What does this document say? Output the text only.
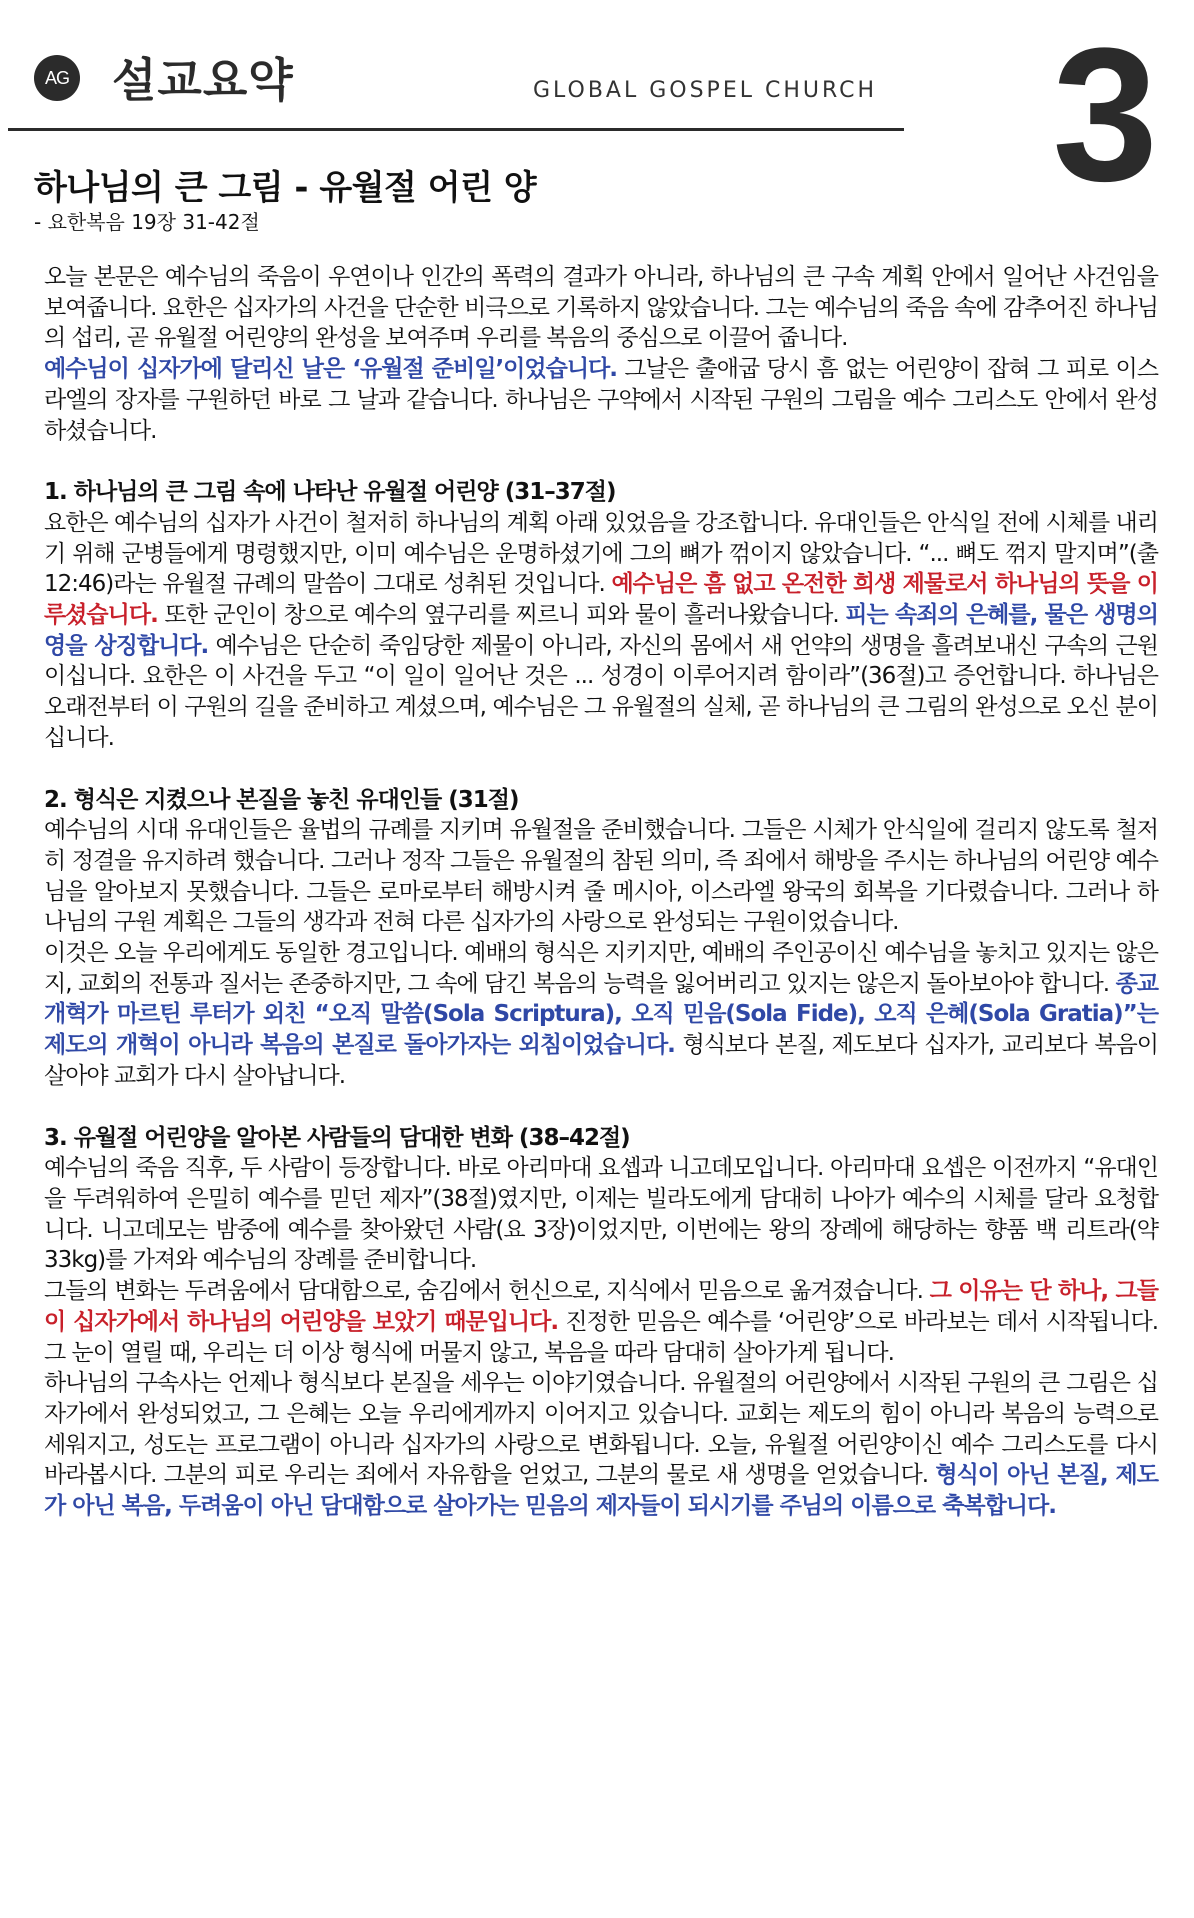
AG 설교요약	GLOBAL GOSPEL CHURCH 3
하나님의 큰 그림 - 유월절 어린 양
- 요한복음 19장 31-42절

오늘 본문은 예수님의 죽음이 우연이나 인간의 폭력의 결과가 아니라, 하나님의 큰 구속 계획 안에서 일어난 사건임을 보여줍니다. 요한은 십자가의 사건을 단순한 비극으로 기록하지 않았습니다. 그는 예수님의 죽음 속에 감추어진 하나님의 섭리, 곧 유월절 어린양의 완성을 보여주며 우리를 복음의 중심으로 이끌어 줍니다.

예수님이 십자가에 달리신 날은 ‘유월절 준비일’이었습니다. 그날은 출애굽 당시 흠 없는 어린양이 잡혀 그 피로 이스라엘의 장자를 구원하던 바로 그 날과 같습니다. 하나님은 구약에서 시작된 구원의 그림을 예수 그리스도 안에서 완성하셨습니다.

1. 하나님의 큰 그림 속에 나타난 유월절 어린양 (31–37절)

요한은 예수님의 십자가 사건이 철저히 하나님의 계획 아래 있었음을 강조합니다. 유대인들은 안식일 전에 시체를 내리기 위해 군병들에게 명령했지만, 이미 예수님은 운명하셨기에 그의 뼈가 꺾이지 않았습니다. “... 뼈도 꺾지 말지며”(출 12:46)라는 유월절 규례의 말씀이 그대로 성취된 것입니다. 예수님은 흠 없고 온전한 희생 제물로서 하나님의 뜻을 이루셨습니다. 또한 군인이 창으로 예수의 옆구리를 찌르니 피와 물이 흘러나왔습니다. 피는 속죄의 은혜를, 물은 생명의 영을 상징합니다. 예수님은 단순히 죽임당한 제물이 아니라, 자신의 몸에서 새 언약의 생명을 흘려보내신 구속의 근원이십니다. 요한은 이 사건을 두고 “이 일이 일어난 것은 ... 성경이 이루어지려 함이라”(36절)고 증언합니다. 하나님은 오래전부터 이 구원의 길을 준비하고 계셨으며, 예수님은 그 유월절의 실체, 곧 하나님의 큰 그림의 완성으로 오신 분이십니다.

2. 형식은 지켰으나 본질을 놓친 유대인들 (31절)

예수님의 시대 유대인들은 율법의 규례를 지키며 유월절을 준비했습니다. 그들은 시체가 안식일에 걸리지 않도록 철저히 정결을 유지하려 했습니다. 그러나 정작 그들은 유월절의 참된 의미, 즉 죄에서 해방을 주시는 하나님의 어린양 예수님을 알아보지 못했습니다. 그들은 로마로부터 해방시켜 줄 메시아, 이스라엘 왕국의 회복을 기다렸습니다. 그러나 하나님의 구원 계획은 그들의 생각과 전혀 다른 십자가의 사랑으로 완성되는 구원이었습니다.

이것은 오늘 우리에게도 동일한 경고입니다. 예배의 형식은 지키지만, 예배의 주인공이신 예수님을 놓치고 있지는 않은지, 교회의 전통과 질서는 존중하지만, 그 속에 담긴 복음의 능력을 잃어버리고 있지는 않은지 돌아보아야 합니다. 종교개혁가 마르틴 루터가 외친 “오직 말씀(Sola Scriptura), 오직 믿음(Sola Fide), 오직 은혜(Sola Gratia)”는 제도의 개혁이 아니라 복음의 본질로 돌아가자는 외침이었습니다. 형식보다 본질, 제도보다 십자가, 교리보다 복음이 살아야 교회가 다시 살아납니다.

3. 유월절 어린양을 알아본 사람들의 담대한 변화 (38–42절)

예수님의 죽음 직후, 두 사람이 등장합니다. 바로 아리마대 요셉과 니고데모입니다. 아리마대 요셉은 이전까지 “유대인을 두려워하여 은밀히 예수를 믿던 제자”(38절)였지만, 이제는 빌라도에게 담대히 나아가 예수의 시체를 달라 요청합니다. 니고데모는 밤중에 예수를 찾아왔던 사람(요 3장)이었지만, 이번에는 왕의 장례에 해당하는 향품 백 리트라(약 33kg)를 가져와 예수님의 장례를 준비합니다.

그들의 변화는 두려움에서 담대함으로, 숨김에서 헌신으로, 지식에서 믿음으로 옮겨졌습니다. 그 이유는 단 하나, 그들이 십자가에서 하나님의 어린양을 보았기 때문입니다. 진정한 믿음은 예수를 ‘어린양’으로 바라보는 데서 시작됩니다. 그 눈이 열릴 때, 우리는 더 이상 형식에 머물지 않고, 복음을 따라 담대히 살아가게 됩니다.

하나님의 구속사는 언제나 형식보다 본질을 세우는 이야기였습니다. 유월절의 어린양에서 시작된 구원의 큰 그림은 십자가에서 완성되었고, 그 은혜는 오늘 우리에게까지 이어지고 있습니다. 교회는 제도의 힘이 아니라 복음의 능력으로 세워지고, 성도는 프로그램이 아니라 십자가의 사랑으로 변화됩니다. 오늘, 유월절 어린양이신 예수 그리스도를 다시 바라봅시다. 그분의 피로 우리는 죄에서 자유함을 얻었고, 그분의 물로 새 생명을 얻었습니다. 형식이 아닌 본질, 제도가 아닌 복음, 두려움이 아닌 담대함으로 살아가는 믿음의 제자들이 되시기를 주님의 이름으로 축복합니다.
